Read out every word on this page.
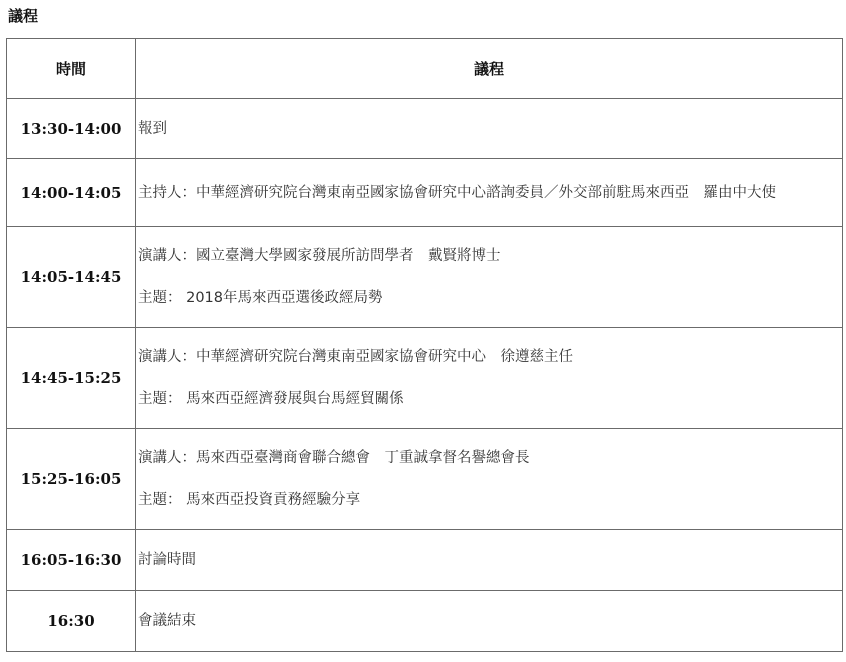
議程
時間	議程
13:30-14:00	報到

14:00-14:05	主持人：中華經濟研究院台灣東南亞國家協會研究中心諮詢委員／外交部前駐馬來西亞　羅由中大使

14:05-14:45	演講人：國立臺灣大學國家發展所訪問學者　戴賢將博士
主題： 2018年馬來西亞選後政經局勢

14:45-15:25	演講人：中華經濟研究院台灣東南亞國家協會研究中心　徐遵慈主任
主題： 馬來西亞經濟發展與台馬經貿關係

15:25-16:05	演講人：馬來西亞臺灣商會聯合總會　丁重誠拿督名譽總會長
主題： 馬來西亞投資貢務經驗分享

16:05-16:30	討論時間

16:30	會議結束
